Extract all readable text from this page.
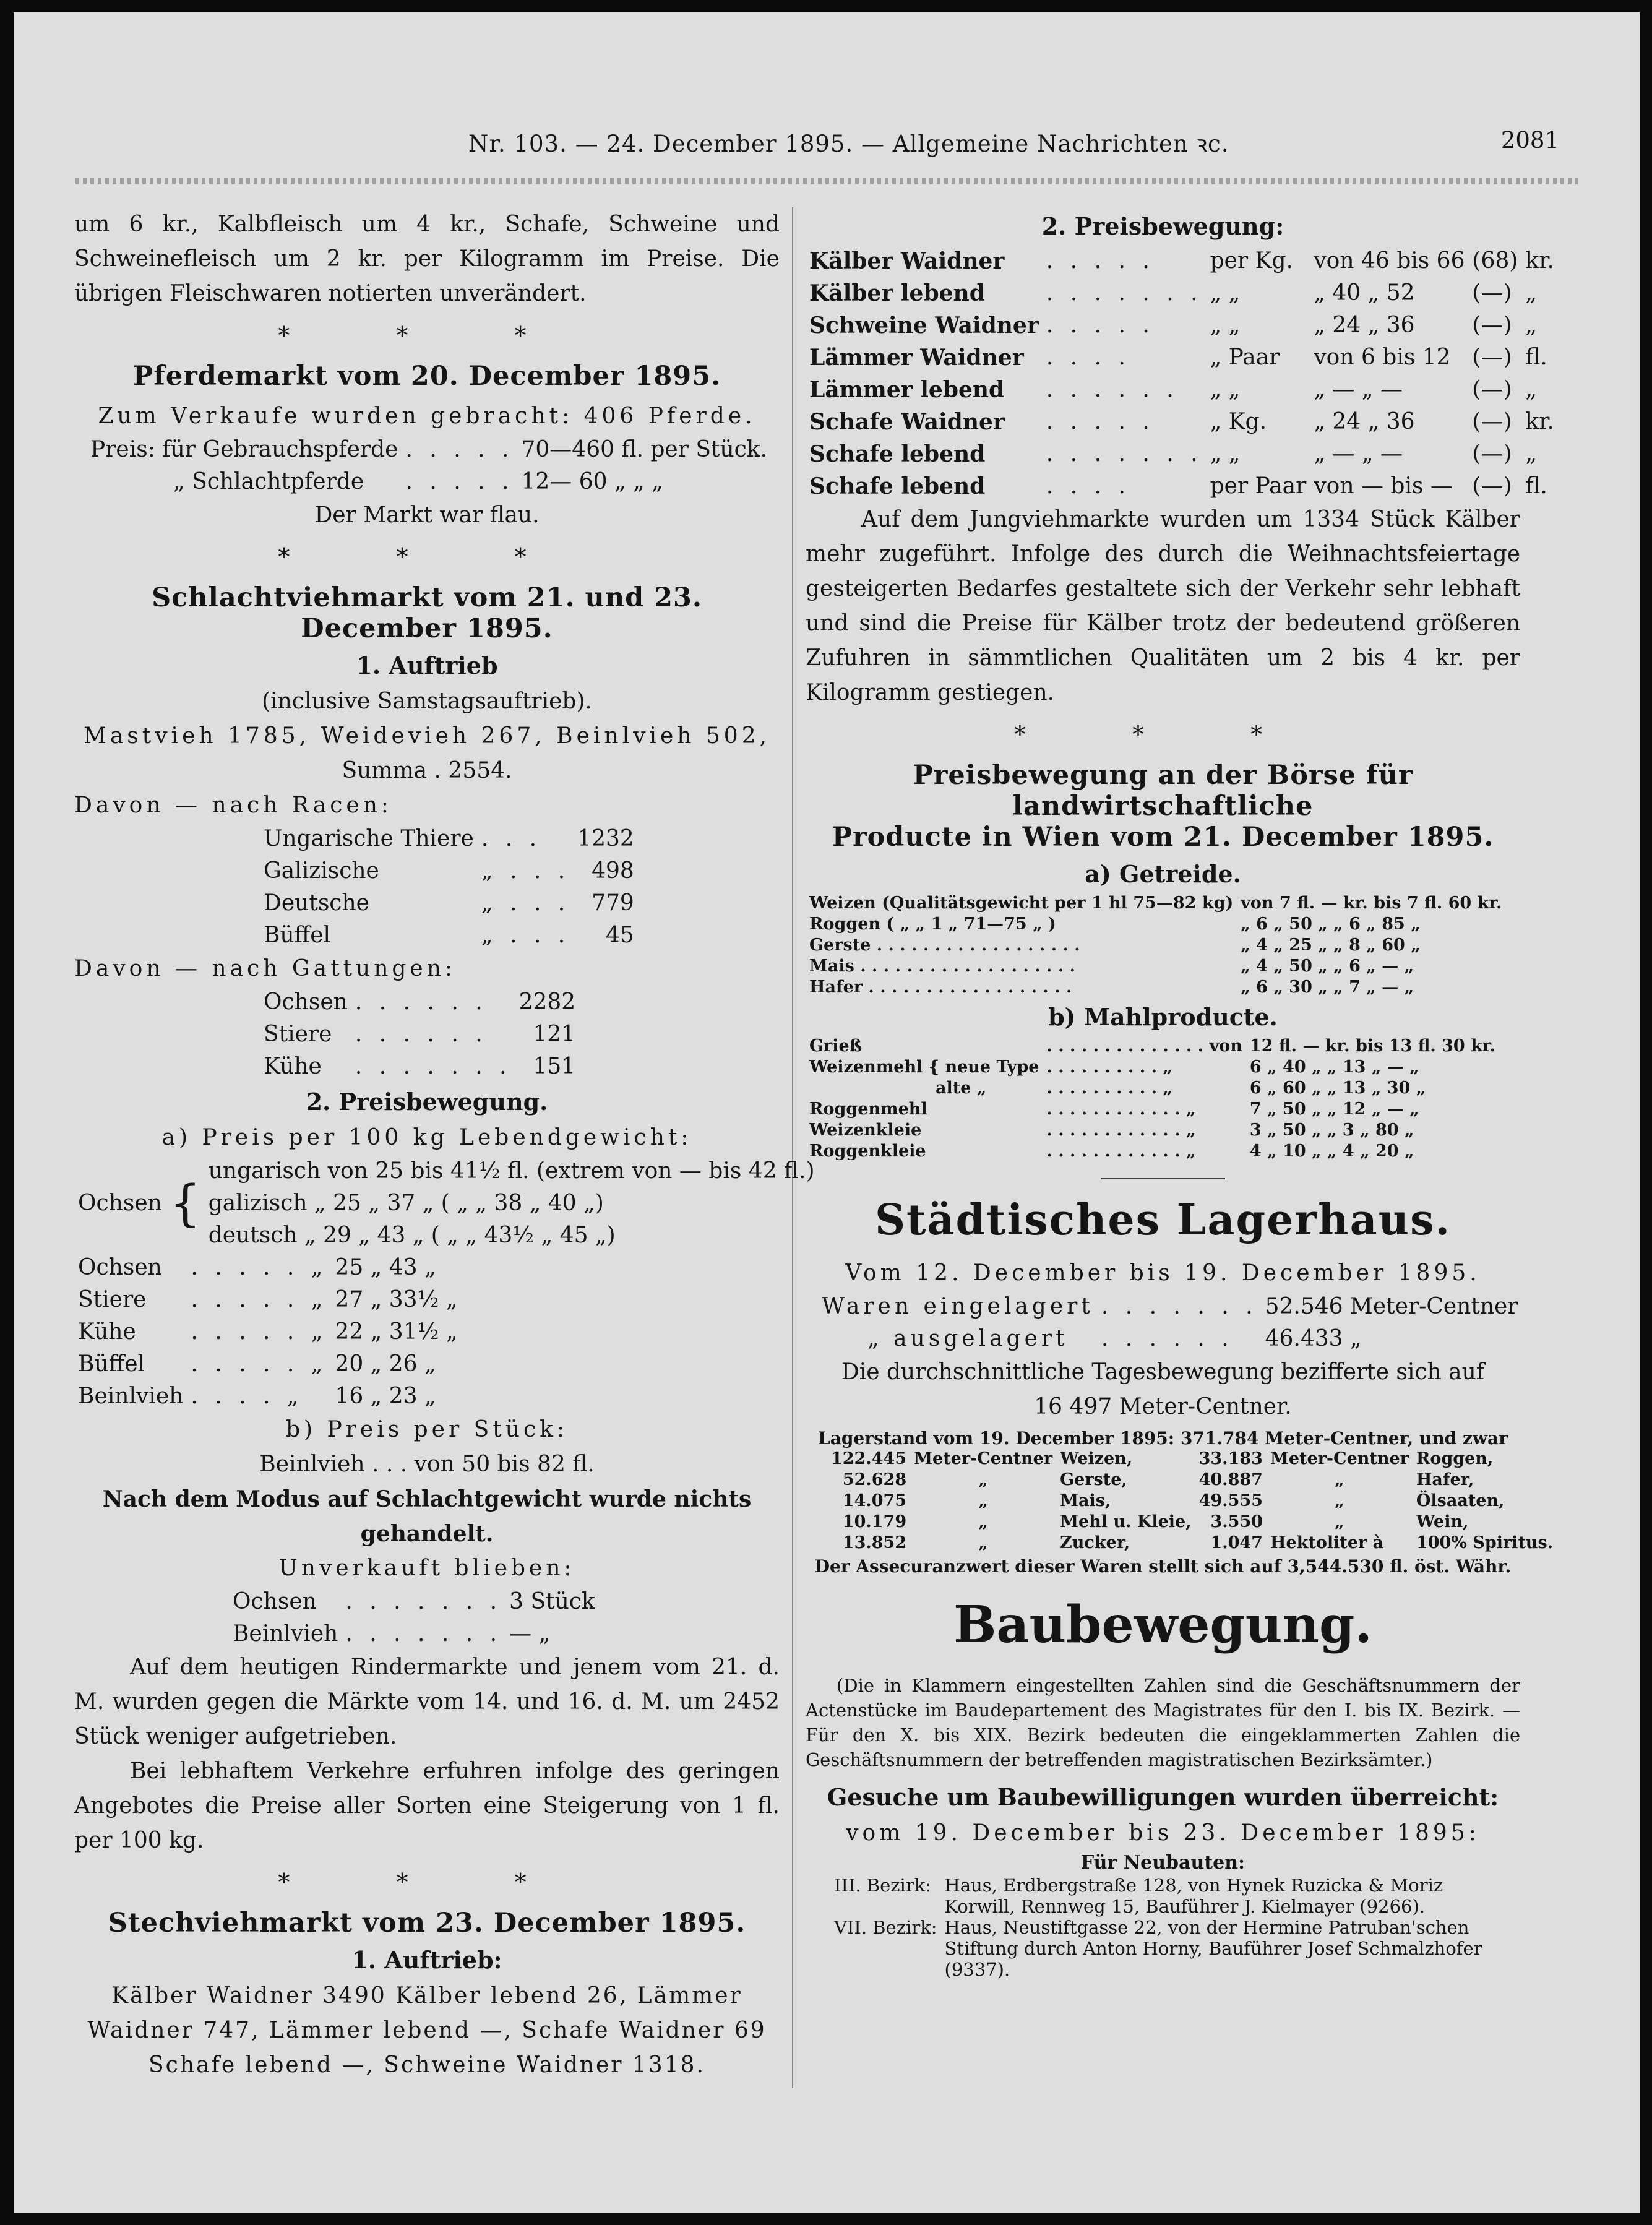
Nr. 103. — 24. December 1895. — Allgemeine Nachrichten ꝛc.	2081

um 6 kr., Kalbfleisch um 4 kr., Schafe, Schweine und Schweinefleisch um 2 kr. per Kilogramm im Preise. Die übrigen Fleischwaren notierten unverändert.

* * *
Pferdemarkt vom 20. December 1895.

Zum Verkaufe wurden gebracht: 406 Pferde.

Preis: für Gebrauchspferde	. . . . .	70—460 fl. per Stück.
„ Schlachtpferde	. . . . .	12— 60 „ „ „

Der Markt war flau.

* * *
Schlachtviehmarkt vom 21. und 23. December 1895.
1. Auftrieb

(inclusive Samstagsauftrieb).

Mastvieh 1785, Weidevieh 267, Beinlvieh 502,

Summa . 2554.

Davon — nach Racen:

Ungarische Thiere	. . .	1232
Galizische	„ . . .	498
Deutsche	„ . . .	779
Büffel	„ . . .	45

Davon — nach Gattungen:

Ochsen	. . . . . .	2282
Stiere	. . . . . .	121
Kühe	. . . . . . .	151
2. Preisbewegung.

a) Preis per 100 kg Lebendgewicht:

Ochsen	{	ungarisch von 25 bis 41½ fl. (extrem von — bis 42 fl.)
galizisch „ 25 „ 37 „ ( „ „ 38 „ 40 „)
deutsch „ 29 „ 43 „ ( „ „ 43½ „ 45 „)
Ochsen	. . . . . „	25 „ 43 „
Stiere	. . . . . „	27 „ 33½ „
Kühe	. . . . . „	22 „ 31½ „
Büffel	. . . . . „	20 „ 26 „
Beinlvieh	. . . . „	16 „ 23 „

b) Preis per Stück:

Beinlvieh . . . von 50 bis 82 fl.

Nach dem Modus auf Schlachtgewicht wurde nichts gehandelt.

Unverkauft blieben:

Ochsen	. . . . . . .	3 Stück
Beinlvieh	. . . . . . .	— „

Auf dem heutigen Rindermarkte und jenem vom 21. d. M. wurden gegen die Märkte vom 14. und 16. d. M. um 2452 Stück weniger aufgetrieben.

Bei lebhaftem Verkehre erfuhren infolge des geringen Angebotes die Preise aller Sorten eine Steigerung von 1 fl. per 100 kg.

* * *
Stechviehmarkt vom 23. December 1895.
1. Auftrieb:

Kälber Waidner 3490 Kälber lebend 26, Lämmer Waidner 747, Lämmer lebend —, Schafe Waidner 69 Schafe lebend —, Schweine Waidner 1318.

2. Preisbewegung:
Kälber Waidner	. . . . .	per Kg.	von 46 bis 66	(68)	kr.
Kälber lebend	. . . . . . .	„ „	„ 40 „ 52	(—)	„
Schweine Waidner	. . . . .	„ „	„ 24 „ 36	(—)	„
Lämmer Waidner	. . . .	„ Paar	von 6 bis 12	(—)	fl.
Lämmer lebend	. . . . . .	„ „	„ — „ —	(—)	„
Schafe Waidner	. . . . .	„ Kg.	„ 24 „ 36	(—)	kr.
Schafe lebend	. . . . . . .	„ „	„ — „ —	(—)	„
Schafe lebend	. . . .	per Paar	von — bis —	(—)	fl.

Auf dem Jungviehmarkte wurden um 1334 Stück Kälber mehr zugeführt. Infolge des durch die Weihnachtsfeiertage gesteigerten Bedarfes gestaltete sich der Verkehr sehr lebhaft und sind die Preise für Kälber trotz der bedeutend größeren Zufuhren in sämmtlichen Qualitäten um 2 bis 4 kr. per Kilogramm gestiegen.

* * *
Preisbewegung an der Börse für landwirtschaftliche
Producte in Wien vom 21. December 1895.
a) Getreide.
Weizen (Qualitätsgewicht per 1 hl 75—82 kg)	von 7 fl. — kr. bis 7 fl. 60 kr.
Roggen ( „ „ 1 „ 71—75 „ )	„ 6 „ 50 „ „ 6 „ 85 „
Gerste . . . . . . . . . . . . . . . . . .	„ 4 „ 25 „ „ 8 „ 60 „
Mais . . . . . . . . . . . . . . . . . . .	„ 4 „ 50 „ „ 6 „ — „
Hafer . . . . . . . . . . . . . . . . . .	„ 6 „ 30 „ „ 7 „ — „
b) Mahlproducte.
Grieß	. . . . . . . . . . . . . . von	12 fl. — kr. bis 13 fl. 30 kr.
Weizenmehl { neue Type	. . . . . . . . . . „	6 „ 40 „ „ 13 „ — „
alte „	. . . . . . . . . . „	6 „ 60 „ „ 13 „ 30 „
Roggenmehl	. . . . . . . . . . . . „	7 „ 50 „ „ 12 „ — „
Weizenkleie	. . . . . . . . . . . . „	3 „ 50 „ „ 3 „ 80 „
Roggenkleie	. . . . . . . . . . . . „	4 „ 10 „ „ 4 „ 20 „
Städtisches Lagerhaus.

Vom 12. December bis 19. December 1895.

Waren eingelagert	. . . . . . .	52.546 Meter-Centner
„ ausgelagert	. . . . . .	46.433 „

Die durchschnittliche Tagesbewegung bezifferte sich auf

16 497 Meter-Centner.

Lagerstand vom 19. December 1895: 371.784 Meter-Centner, und zwar

122.445	Meter-Centner	Weizen,	33.183	Meter-Centner	Roggen,
52.628	„	Gerste,	40.887	„	Hafer,
14.075	„	Mais,	49.555	„	Ölsaaten,
10.179	„	Mehl u. Kleie,	3.550	„	Wein,
13.852	„	Zucker,	1.047	Hektoliter à	100% Spiritus.

Der Assecuranzwert dieser Waren stellt sich auf 3,544.530 fl. öst. Währ.

Baubewegung.

(Die in Klammern eingestellten Zahlen sind die Geschäftsnummern der Actenstücke im Baudepartement des Magistrates für den I. bis IX. Bezirk. — Für den X. bis XIX. Bezirk bedeuten die eingeklammerten Zahlen die Geschäftsnummern der betreffenden magistratischen Bezirksämter.)

Gesuche um Baubewilligungen wurden überreicht:

vom 19. December bis 23. December 1895:

Für Neubauten:

III. Bezirk:	Haus, Erdbergstraße 128, von Hynek Ruzicka & Moriz Korwill, Rennweg 15, Bauführer J. Kielmayer (9266).
VII. Bezirk:	Haus, Neustiftgasse 22, von der Hermine Patruban'schen Stiftung durch Anton Horny, Bauführer Josef Schmalzhofer (9337).
